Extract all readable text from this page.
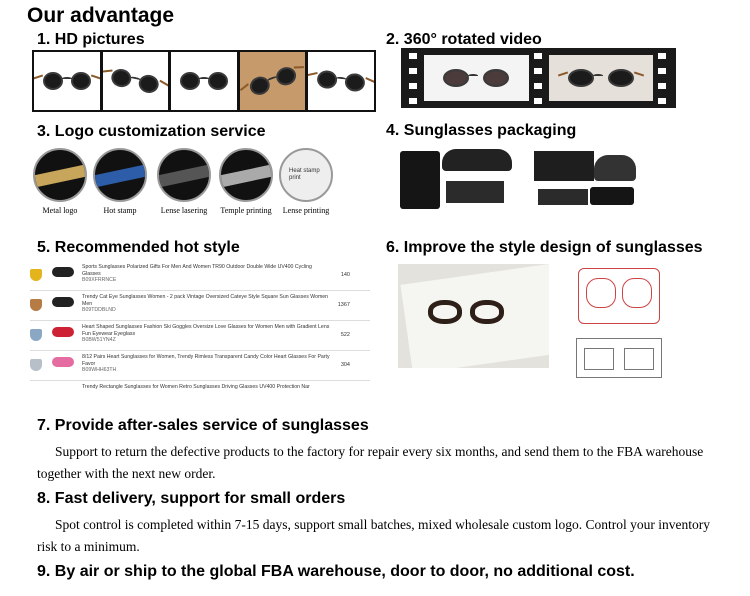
Our advantage
1. HD pictures	2. 360° rotated video
3. Logo customization service
Metal logo	Hot stamp	Lense lasering	Temple printing
Heat stamp
print
Lense printing
4. Sunglasses packaging
5. Recommended hot style
Sports Sunglasses Polarized Gifts For Men And Women TR90 Outdoor Double Wide UV400 Cycling Glasses
B09XFRRNCE
140
Trendy Cat Eye Sunglasses Women - 2 pack Vintage Oversized Cateye Style Square Sun Glasses Women Men
B09TDDBLND
1367
Heart Shaped Sunglasses Fashion Ski Goggles Oversize Love Glasses for Women Men with Gradient Lens Fun Eyewear Eyeglass
B0BW51YN4Z
522
8/12 Pairs Heart Sunglasses for Women, Trendy Rimless Transparent Candy Color Heart Glasses For Party Favor
B09WHH63TH
304
Trendy Rectangle Sunglasses for Women Retro Sunglasses Driving Glasses UV400 Protection Nar
6. Improve the style design of sunglasses
7. Provide after-sales service of sunglasses
Support to return the defective products to the factory for repair every six months, and send them to the FBA warehouse together with the next new order.
8. Fast delivery, support for small orders
Spot control is completed within 7-15 days, support small batches, mixed wholesale custom logo. Control your inventory risk to a minimum.
9. By air or ship to the global FBA warehouse, door to door, no additional cost.
